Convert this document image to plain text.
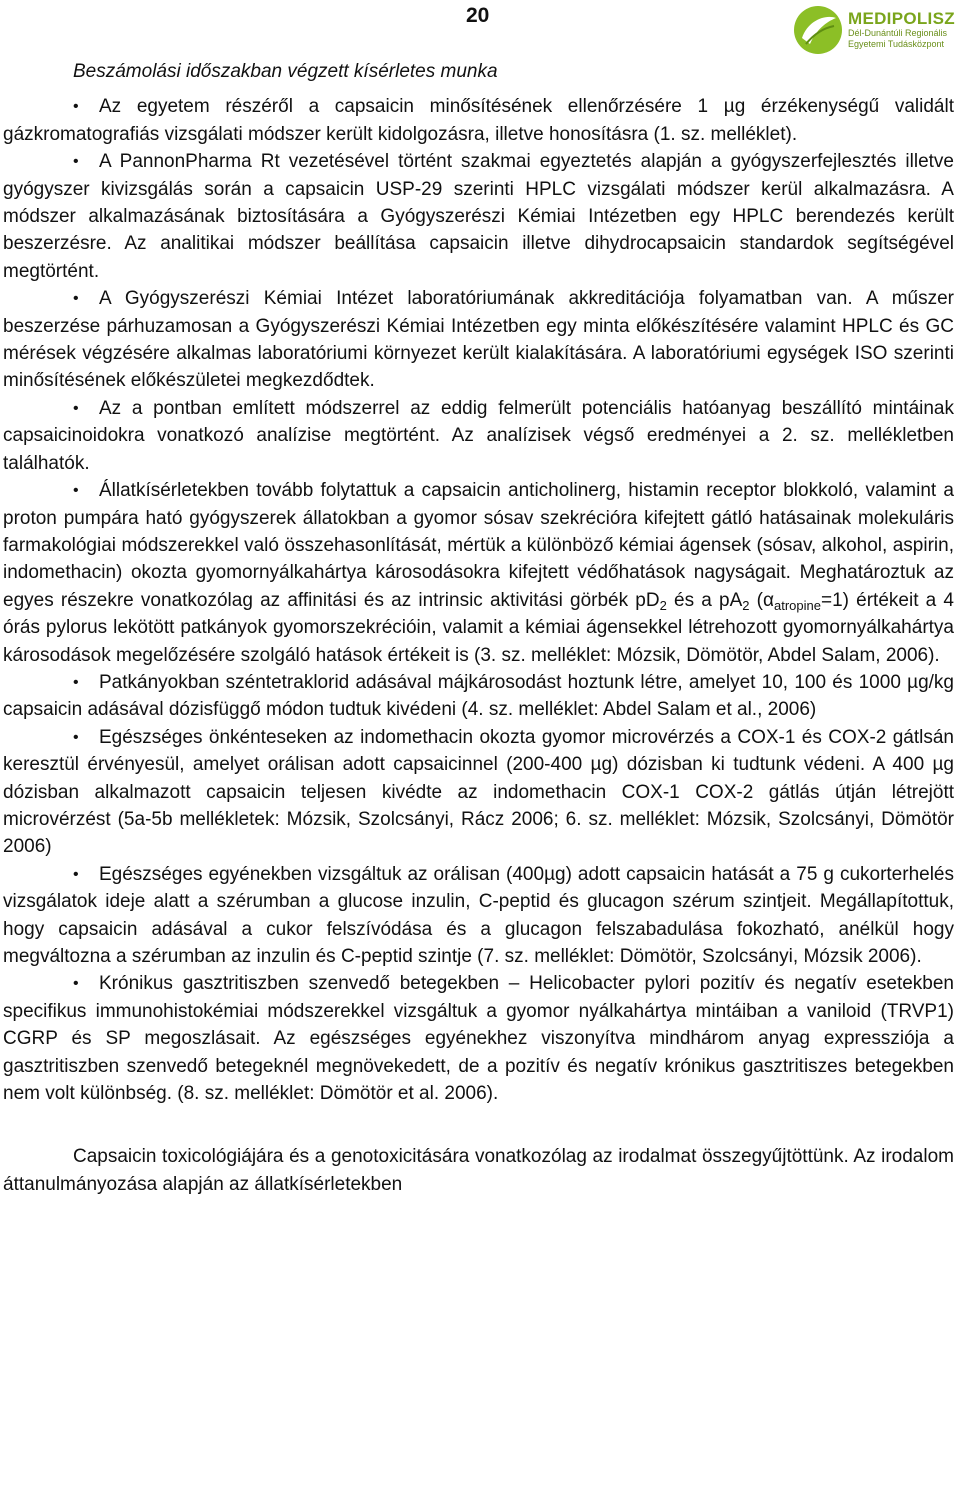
20	MEDIPOLISZ
Dél-Dunántúli Regionális
Egyetemi Tudásközpont
Beszámolási időszakban végzett kísérletes munka
• Az egyetem részéről a capsaicin minősítésének ellenőrzésére 1 µg érzékenységű validált gázkromatografiás vizsgálati módszer került kidolgozásra, illetve honosításra (1. sz. melléklet).
• A PannonPharma Rt vezetésével történt szakmai egyeztetés alapján a gyógyszerfejlesztés illetve gyógyszer kivizsgálás során a capsaicin USP-29 szerinti HPLC vizsgálati módszer kerül alkalmazásra. A módszer alkalmazásának biztosítására a Gyógyszerészi Kémiai Intézetben egy HPLC berendezés került beszerzésre. Az analitikai módszer beállítása capsaicin illetve dihydrocapsaicin standardok segítségével megtörtént.
• A Gyógyszerészi Kémiai Intézet laboratóriumának akkreditációja folyamatban van. A műszer beszerzése párhuzamosan a Gyógyszerészi Kémiai Intézetben egy minta előkészítésére valamint HPLC és GC mérések végzésére alkalmas laboratóriumi környezet került kialakítására. A laboratóriumi egységek ISO szerinti minősítésének előkészületei megkezdődtek.
• Az a pontban említett módszerrel az eddig felmerült potenciális hatóanyag beszállító mintáinak capsaicinoidokra vonatkozó analízise megtörtént. Az analízisek végső eredményei a 2. sz. mellékletben találhatók.
• Állatkísérletekben tovább folytattuk a capsaicin anticholinerg, histamin receptor blokkoló, valamint a proton pumpára ható gyógyszerek állatokban a gyomor sósav szekrécióra kifejtett gátló hatásainak molekuláris farmakológiai módszerekkel való összehasonlítását, mértük a különböző kémiai ágensek (sósav, alkohol, aspirin, indomethacin) okozta gyomornyálkahártya károsodásokra kifejtett védőhatások nagyságait. Meghatároztuk az egyes részekre vonatkozólag az affinitási és az intrinsic aktivitási görbék $pD_2$ és a $pA_2$ $(\alpha_{atropine}=1)$ értékeit a 4 órás pylorus lekötött patkányok gyomorszekrécióin, valamit a kémiai ágensekkel létrehozott gyomornyálkahártya károsodások megelőzésére szolgáló hatások értékeit is (3. sz. melléklet: Mózsik, Dömötör, Abdel Salam, 2006).
• Patkányokban széntetraklorid adásával májkárosodást hoztunk létre, amelyet 10, 100 és 1000 µg/kg capsaicin adásával dózisfüggő módon tudtuk kivédeni (4. sz. melléklet: Abdel Salam et al., 2006)
• Egészséges önkénteseken az indomethacin okozta gyomor microvérzés a COX-1 és COX-2 gátlsán keresztül érvényesül, amelyet orálisan adott capsaicinnel (200-400 µg) dózisban ki tudtunk védeni. A 400 µg dózisban alkalmazott capsaicin teljesen kivédte az indomethacin COX-1 COX-2 gátlás útján létrejött microvérzést (5a-5b mellékletek: Mózsik, Szolcsányi, Rácz 2006; 6. sz. melléklet: Mózsik, Szolcsányi, Dömötör 2006)
• Egészséges egyénekben vizsgáltuk az orálisan (400µg) adott capsaicin hatását a 75 g cukorterhelés vizsgálatok ideje alatt a szérumban a glucose inzulin, C-peptid és glucagon szérum szintjeit. Megállapítottuk, hogy capsaicin adásával a cukor felszívódása és a glucagon felszabadulása fokozható, anélkül hogy megváltozna a szérumban az inzulin és C-peptid szintje (7. sz. melléklet: Dömötör, Szolcsányi, Mózsik 2006).
• Krónikus gasztritiszben szenvedő betegekben – Helicobacter pylori pozitív és negatív esetekben specifikus immunohistokémiai módszerekkel vizsgáltuk a gyomor nyálkahártya mintáiban a vaniloid (TRVP1) CGRP és SP megoszlásait. Az egészséges egyénekhez viszonyítva mindhárom anyag expressziója a gasztritiszben szenvedő betegeknél megnövekedett, de a pozitív és negatív krónikus gasztritiszes betegekben nem volt különbség. (8. sz. melléklet: Dömötör et al. 2006).
Capsaicin toxicológiájára és a genotoxicitására vonatkozólag az irodalmat összegyűjtöttünk. Az irodalom áttanulmányozása alapján az állatkísérletekben
